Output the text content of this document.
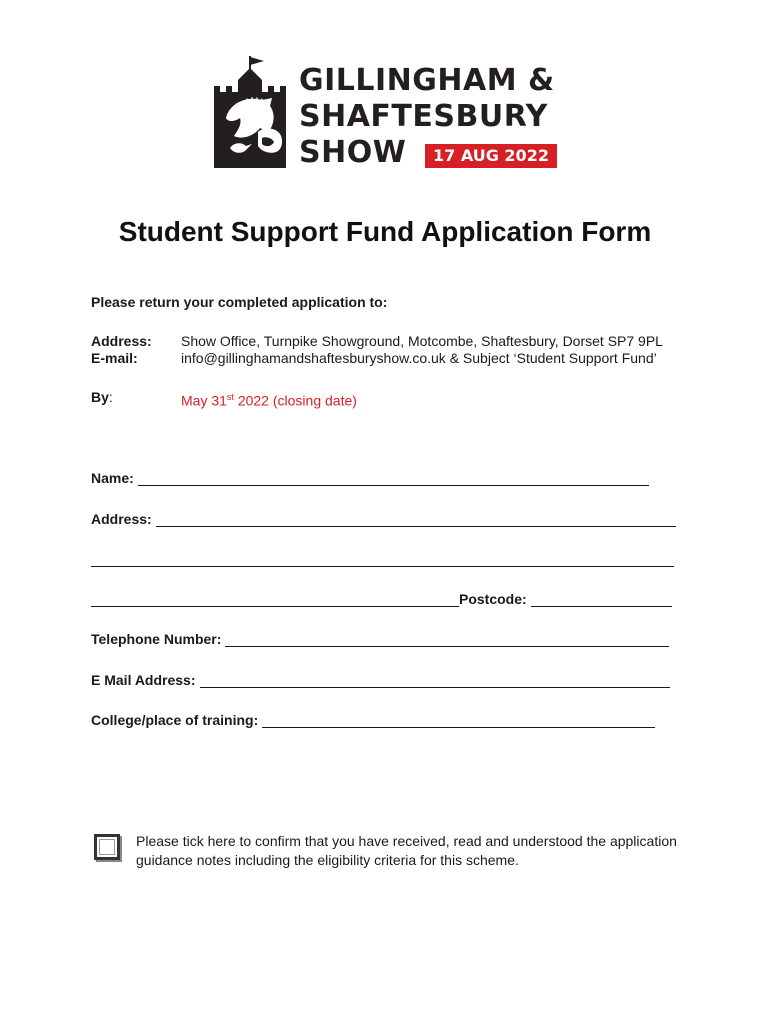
GILLINGHAM &
SHAFTESBURY
SHOW	17 AUG 2022
Student Support Fund Application Form
Please return your completed application to:
Address: Show Office, Turnpike Showground, Motcombe, Shaftesbury, Dorset SP7 9PL
E-mail:	info@gillinghamandshaftesburyshow.co.uk & Subject ‘Student Support Fund’
By:	May 31st 2022 (closing date)
Name:
Address:
Postcode:
Telephone Number:
E Mail Address:
College/place of training:
Please tick here to confirm that you have received, read and understood the application guidance notes including the eligibility criteria for this scheme.
